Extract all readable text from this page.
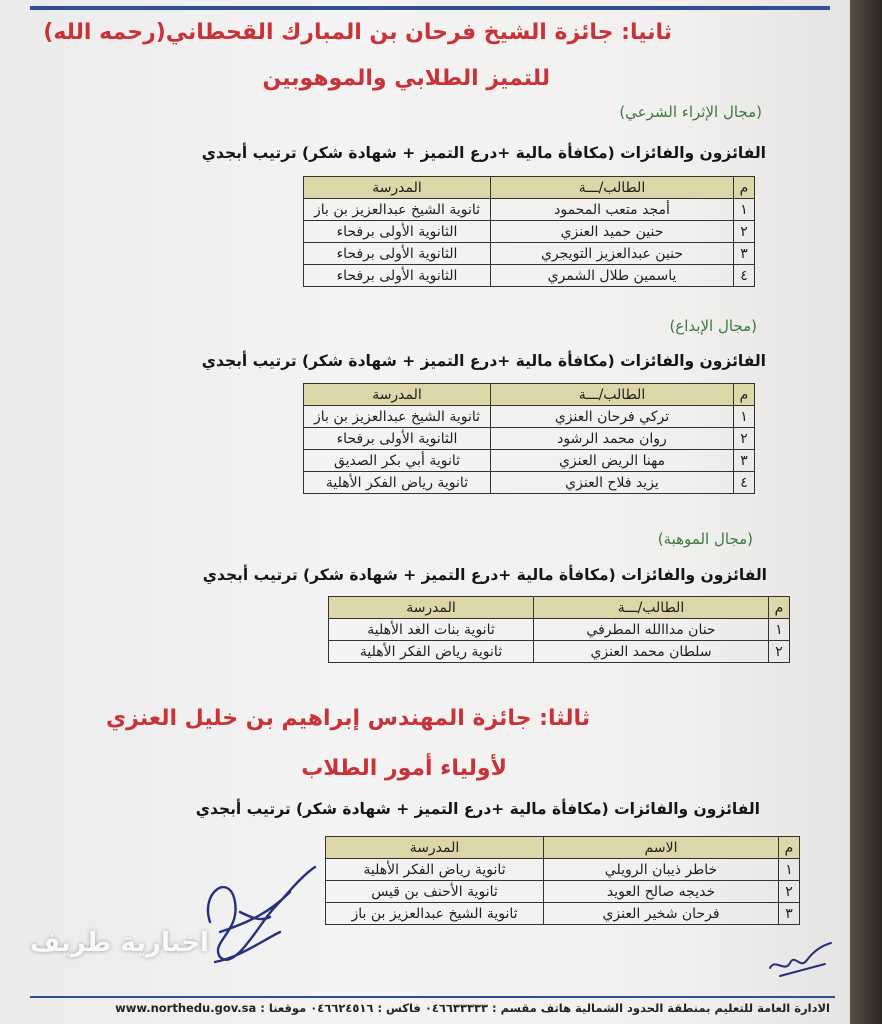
ثانيا: جائزة الشيخ فرحان بن المبارك القحطاني(رحمه الله)
للتميز الطلابي والموهوبين
(مجال الإثراء الشرعي)
الفائزون والفائزات (مكافأة مالية +درع التميز + شهادة شكر) ترتيب أبجدي
م	الطالب/ـــة	المدرسة
١	أمجد متعب المحمود	ثانوية الشيخ عبدالعزيز بن باز
٢	حنين حميد العنزي	الثانوية الأولى برفحاء
٣	حنين عبدالعزيز التويجري	الثانوية الأولى برفحاء
٤	ياسمين طلال الشمري	الثانوية الأولى برفحاء
(مجال الإبداع)
الفائزون والفائزات (مكافأة مالية +درع التميز + شهادة شكر) ترتيب أبجدي
م	الطالب/ـــة	المدرسة
١	تركي فرحان العنزي	ثانوية الشيخ عبدالعزيز بن باز
٢	روان محمد الرشود	الثانوية الأولى برفحاء
٣	مهنا الريض العنزي	ثانوية أبي بكر الصديق
٤	يزيد فلاح العنزي	ثانوية رياض الفكر الأهلية
(مجال الموهبة)
الفائزون والفائزات (مكافأة مالية +درع التميز + شهادة شكر) ترتيب أبجدي
م	الطالب/ـــة	المدرسة
١	حنان مداالله المطرفي	ثانوية بنات الغد الأهلية
٢	سلطان محمد العنزي	ثانوية رياض الفكر الأهلية
ثالثا: جائزة المهندس إبراهيم بن خليل العنزي
لأولياء أمور الطلاب
الفائزون والفائزات (مكافأة مالية +درع التميز + شهادة شكر) ترتيب أبجدي
م	الاسم	المدرسة
١	خاطر ذيبان الرويلي	ثانوية رياض الفكر الأهلية
٢	خديجه صالح العويد	ثانوية الأحنف بن قيس
٣	فرحان شخير العنزي	ثانوية الشيخ عبدالعزيز بن باز
اخبارية طريف
الادارة العامة للتعليم بمنطقة الحدود الشمالية هاتف مقسم : ٠٤٦٦٣٣٣٣٣ فاكس : ٠٤٦٦٢٤٥١٦ موقعنا : www.northedu.gov.sa
